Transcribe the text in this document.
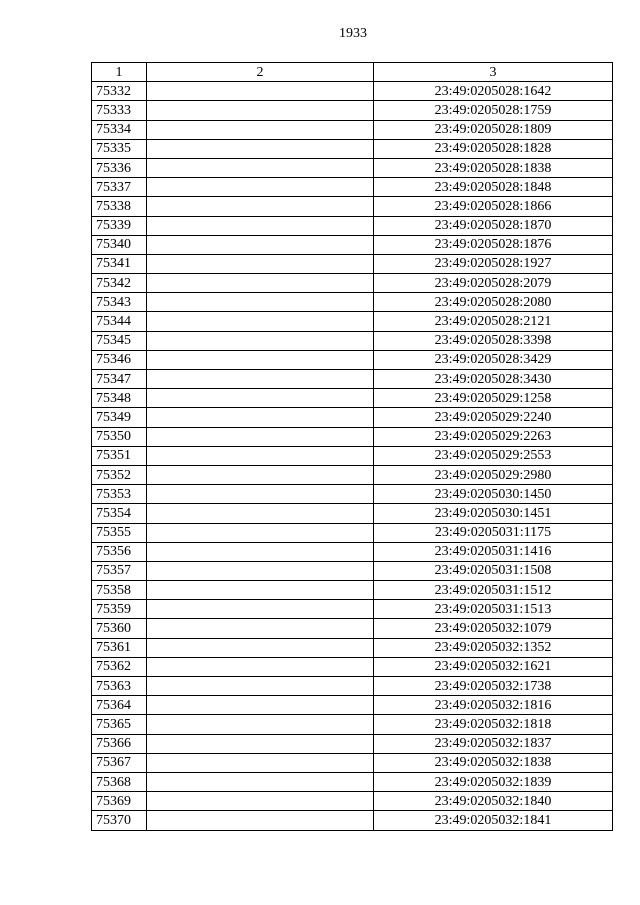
1933
1	2	3
75332		23:49:0205028:1642
75333		23:49:0205028:1759
75334		23:49:0205028:1809
75335		23:49:0205028:1828
75336		23:49:0205028:1838
75337		23:49:0205028:1848
75338		23:49:0205028:1866
75339		23:49:0205028:1870
75340		23:49:0205028:1876
75341		23:49:0205028:1927
75342		23:49:0205028:2079
75343		23:49:0205028:2080
75344		23:49:0205028:2121
75345		23:49:0205028:3398
75346		23:49:0205028:3429
75347		23:49:0205028:3430
75348		23:49:0205029:1258
75349		23:49:0205029:2240
75350		23:49:0205029:2263
75351		23:49:0205029:2553
75352		23:49:0205029:2980
75353		23:49:0205030:1450
75354		23:49:0205030:1451
75355		23:49:0205031:1175
75356		23:49:0205031:1416
75357		23:49:0205031:1508
75358		23:49:0205031:1512
75359		23:49:0205031:1513
75360		23:49:0205032:1079
75361		23:49:0205032:1352
75362		23:49:0205032:1621
75363		23:49:0205032:1738
75364		23:49:0205032:1816
75365		23:49:0205032:1818
75366		23:49:0205032:1837
75367		23:49:0205032:1838
75368		23:49:0205032:1839
75369		23:49:0205032:1840
75370		23:49:0205032:1841
